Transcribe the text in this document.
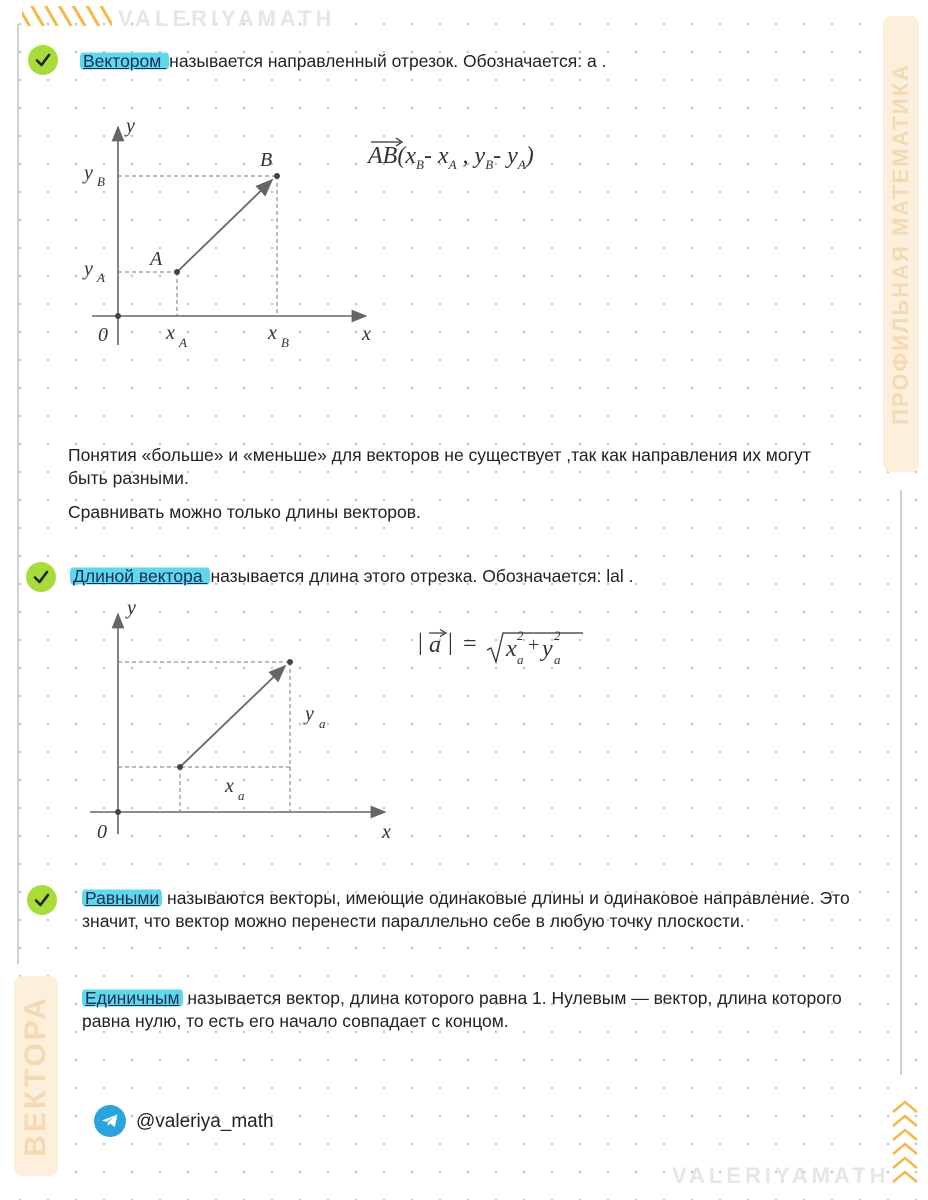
VALERIYAMATH
ПРОФИЛЬНАЯ МАТЕМАТИКА
ВЕКТОРА
Вектором называется направленный отрезок. Обозначается: a .
y
x
0
A
B
y B
y A
x A	x B
$AB(x_B-$ $x_A$ , $y_B-$ $y_A$)
Понятия «больше» и «меньше» для векторов не существует ,так как направления их могут быть разными.
Сравнивать можно только длины векторов.
Длиной вектора называется длина этого отрезка. Обозначается: lal .
y
x
0
y a
x a
| a | = x
2
a
+ y
2
a
Равными называются векторы, имеющие одинаковые длины и одинаковое направление. Это значит, что вектор можно перенести параллельно себе в любую точку плоскости.
Единичным называется вектор, длина которого равна 1. Нулевым — вектор, длина которого равна нулю, то есть его начало совпадает с концом.
@valeriya_math
VALERIYAMATH
